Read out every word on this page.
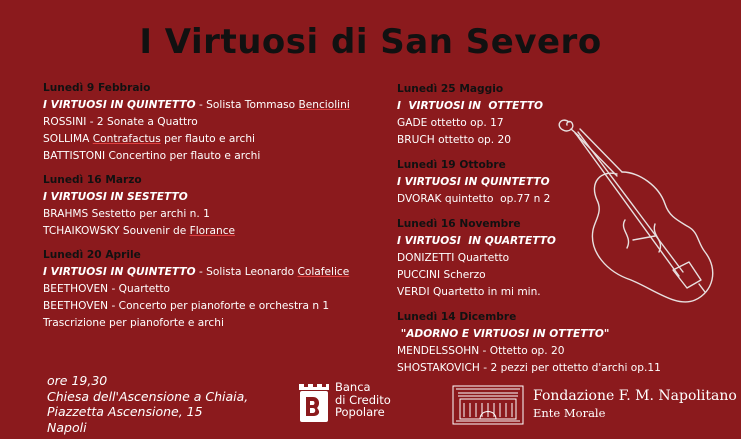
I Virtuosi di San Severo
Lunedì 9 Febbraio
I VIRTUOSI IN QUINTETTO - Solista Tommaso Benciolini
ROSSINI - 2 Sonate a Quattro
SOLLIMA Contrafactus per flauto e archi
BATTISTONI Concertino per flauto e archi
Lunedì 16 Marzo
I VIRTUOSI IN SESTETTO
BRAHMS Sestetto per archi n. 1
TCHAIKOWSKY Souvenir de Florance
Lunedì 20 Aprile
I VIRTUOSI IN QUINTETTO - Solista Leonardo Colafelice
BEETHOVEN - Quartetto
BEETHOVEN - Concerto per pianoforte e orchestra n 1
Trascrizione per pianoforte e archi
Lunedì 25 Maggio
I  VIRTUOSI IN  OTTETTO
GADE ottetto op. 17
BRUCH ottetto op. 20
Lunedì 19 Ottobre
I VIRTUOSI IN QUINTETTO
DVORAK quintetto  op.77 n 2
Lunedì 16 Novembre
I VIRTUOSI  IN QUARTETTO
DONIZETTI Quartetto
PUCCINI Scherzo
VERDI Quartetto in mi min.
Lunedì 14 Dicembre
"ADORNO E VIRTUOSI IN OTTETTO"
MENDELSSOHN - Ottetto op. 20
SHOSTAKOVICH - 2 pezzi per ottetto d'archi op.11
ore 19,30
Chiesa dell'Ascensione a Chiaia,
Piazzetta Ascensione, 15
Napoli
Banca
di Credito
Popolare
Fondazione F. M. Napolitano
Ente Morale
